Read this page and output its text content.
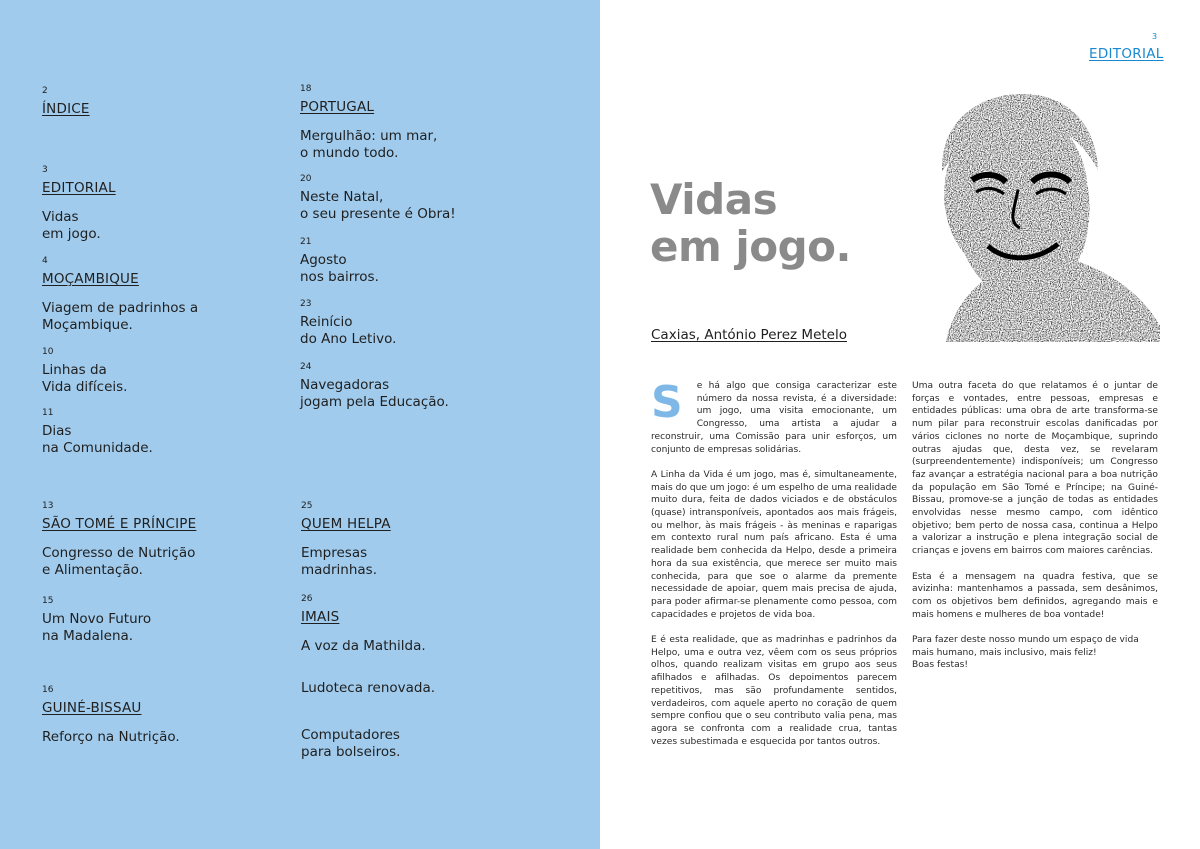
2
ÍNDICE
3
EDITORIAL
Vidas
em jogo.
4
MOÇAMBIQUE
Viagem de padrinhos a
Moçambique.
10
Linhas da
Vida difíceis.
11
Dias
na Comunidade.
13
SÃO TOMÉ E PRÍNCIPE
Congresso de Nutrição
e Alimentação.
15
Um Novo Futuro
na Madalena.
16
GUINÉ-BISSAU
Reforço na Nutrição.
18
PORTUGAL
Mergulhão: um mar,
o mundo todo.
20
Neste Natal,
o seu presente é Obra!
21
Agosto
nos bairros.
23
Reinício
do Ano Letivo.
24
Navegadoras
jogam pela Educação.
25
QUEM HELPA
Empresas
madrinhas.
26
IMAIS
A voz da Mathilda.
Ludoteca renovada.
Computadores
para bolseiros.
3
EDITORIAL
Vidas
em jogo.
Caxias, António Perez Metelo
S	e há algo que consiga caracterizar este número da nossa revista, é a diversidade: um jogo, uma visita emocionante, um Congresso, uma artista a ajudar a reconstruir, uma Comissão para unir esforços, um conjunto de empresas solidárias.

A Linha da Vida é um jogo, mas é, simultaneamente, mais do que um jogo: é um espelho de uma realidade muito dura, feita de dados viciados e de obstáculos (quase) intransponíveis, apontados aos mais frágeis, ou melhor, às mais frágeis - às meninas e raparigas em contexto rural num país africano. Esta é uma realidade bem conhecida da Helpo, desde a primeira hora da sua existência, que merece ser muito mais conhecida, para que soe o alarme da premente necessidade de apoiar, quem mais precisa de ajuda, para poder afirmar-se plenamente como pessoa, com capacidades e projetos de vida boa.

E é esta realidade, que as madrinhas e padrinhos da Helpo, uma e outra vez, vêem com os seus próprios olhos, quando realizam visitas em grupo aos seus afilhados e afilhadas. Os depoimentos parecem repetitivos, mas são profundamente sentidos, verdadeiros, com aquele aperto no coração de quem sempre confiou que o seu contributo valia pena, mas agora se confronta com a realidade crua, tantas vezes subestimada e esquecida por tantos outros.

Uma outra faceta do que relatamos é o juntar de forças e vontades, entre pessoas, empresas e entidades públicas: uma obra de arte transforma-se num pilar para reconstruir escolas danificadas por vários ciclones no norte de Moçambique, suprindo outras ajudas que, desta vez, se revelaram (surpreendentemente) indisponíveis; um Congresso faz avançar a estratégia nacional para a boa nutrição da população em São Tomé e Príncipe; na Guiné-Bissau, promove-se a junção de todas as entidades envolvidas nesse mesmo campo, com idêntico objetivo; bem perto de nossa casa, continua a Helpo a valorizar a instrução e plena integração social de crianças e jovens em bairros com maiores carências.

Esta é a mensagem na quadra festiva, que se avizinha: mantenhamos a passada, sem desânimos, com os objetivos bem definidos, agregando mais e mais homens e mulheres de boa vontade!

Para fazer deste nosso mundo um espaço de vida mais humano, mais inclusivo, mais feliz!
Boas festas!
